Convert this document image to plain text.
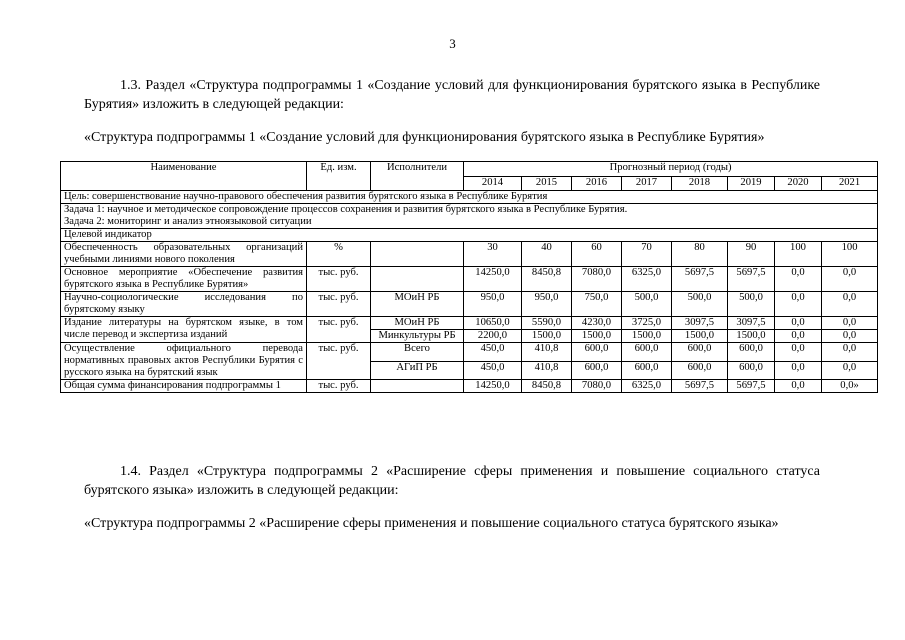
3
1.3. Раздел «Структура подпрограммы 1 «Создание условий для функционирования бурятского языка в Республике Бурятия» изложить в следующей редакции:
«Структура подпрограммы 1 «Создание условий для функционирования бурятского языка в Республике Бурятия»
Наименование	Ед. изм.	Исполнители	Прогнозный период (годы)							
			2014	2015	2016	2017	2018	2019	2020	2021
Цель: совершенствование научно-правового обеспечения развития бурятского языка в Республике Бурятия										

Задача 1: научное и методическое сопровождение процессов сохранения и развития бурятского языка в Республике Бурятия.
Задача 2: мониторинг и анализ этноязыковой ситуации										

Целевой индикатор										
Обеспеченность образовательных организаций учебными линиями нового поколения	%		30	40	60	70	80	90	100	100
Основное мероприятие «Обеспечение развития бурятского языка в Республике Бурятия»	тыс. руб.		14250,0	8450,8	7080,0	6325,0	5697,5	5697,5	0,0	0,0
Научно-социологические исследования по бурятскому языку	тыс. руб.	МОиН РБ	950,0	950,0	750,0	500,0	500,0	500,0	0,0	0,0
Издание литературы на бурятском языке, в том числе перевод и экспертиза изданий	тыс. руб.	МОиН РБ	10650,0	5590,0	4230,0	3725,0	3097,5	3097,5	0,0	0,0
		Минкультуры РБ	2200,0	1500,0	1500,0	1500,0	1500,0	1500,0	0,0	0,0
Осуществление официального перевода нормативных правовых актов Республики Бурятия с русского языка на бурятский язык	тыс. руб.	Всего	450,0	410,8	600,0	600,0	600,0	600,0	0,0	0,0
		АГиП РБ	450,0	410,8	600,0	600,0	600,0	600,0	0,0	0,0
Общая сумма финансирования подпрограммы 1	тыс. руб.		14250,0	8450,8	7080,0	6325,0	5697,5	5697,5	0,0	0,0»
1.4. Раздел «Структура подпрограммы 2 «Расширение сферы применения и повышение социального статуса бурятского языка» изложить в следующей редакции:
«Структура подпрограммы 2 «Расширение сферы применения и повышение социального статуса бурятского языка»
